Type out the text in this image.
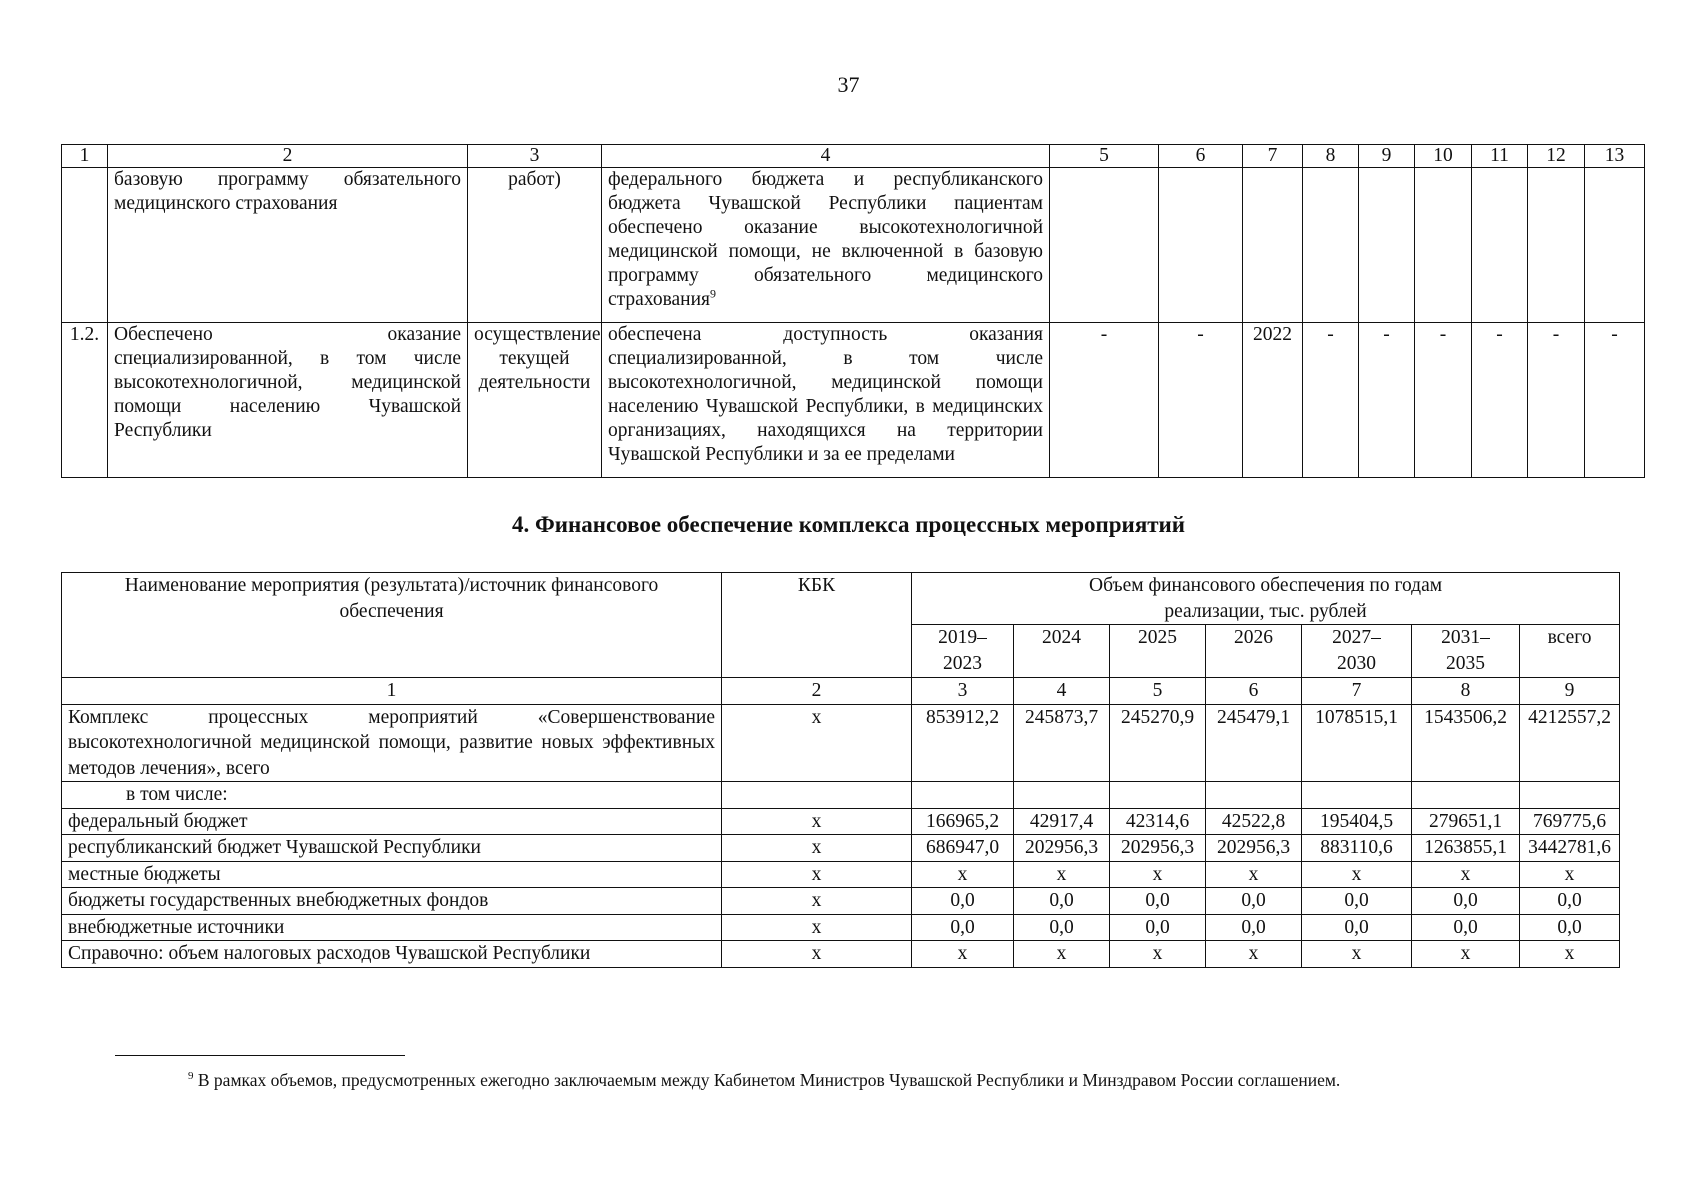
37
1	2	3	4	5	6	7	8	9	10	11	12	13
	базовую программу обязательного медицинского страхования	работ)	федерального бюджета и республиканского бюджета Чувашской Республики пациентам обеспечено оказание высокотехнологичной медицинской помощи, не включенной в базовую программу обязательного медицинского страхования$^9$									
1.2.	Обеспечено оказание специализированной, в том числе высокотехнологичной, медицинской помощи населению Чувашской Республики	осуществление текущей деятельности	обеспечена доступность оказания специализированной, в том числе высокотехнологичной, медицинской помощи населению Чувашской Республики, в медицинских организациях, находящихся на территории Чувашской Республики и за ее пределами	-	-	2022	-	-	-	-	-	-
4. Финансовое обеспечение комплекса процессных мероприятий
Наименование мероприятия (результата)/источник финансового обеспечения	КБК	Объем финансового обеспечения по годам реализации, тыс. рублей						
		2019–2023	2024	2025	2026	2027–2030	2031–2035	всего
1	2	3	4	5	6	7	8	9
Комплекс процессных мероприятий «Совершенствование высокотехнологичной медицинской помощи, развитие новых эффективных методов лечения», всего	х	853912,2	245873,7	245270,9	245479,1	1078515,1	1543506,2	4212557,2
в том числе:								
федеральный бюджет	х	166965,2	42917,4	42314,6	42522,8	195404,5	279651,1	769775,6
республиканский бюджет Чувашской Республики	х	686947,0	202956,3	202956,3	202956,3	883110,6	1263855,1	3442781,6
местные бюджеты	х	х	х	х	х	х	х	х
бюджеты государственных внебюджетных фондов	х	0,0	0,0	0,0	0,0	0,0	0,0	0,0
внебюджетные источники	х	0,0	0,0	0,0	0,0	0,0	0,0	0,0
Справочно: объем налоговых расходов Чувашской Республики	х	х	х	х	х	х	х	х
$^9$ В рамках объемов, предусмотренных ежегодно заключаемым между Кабинетом Министров Чувашской Республики и Минздравом России соглашением.
